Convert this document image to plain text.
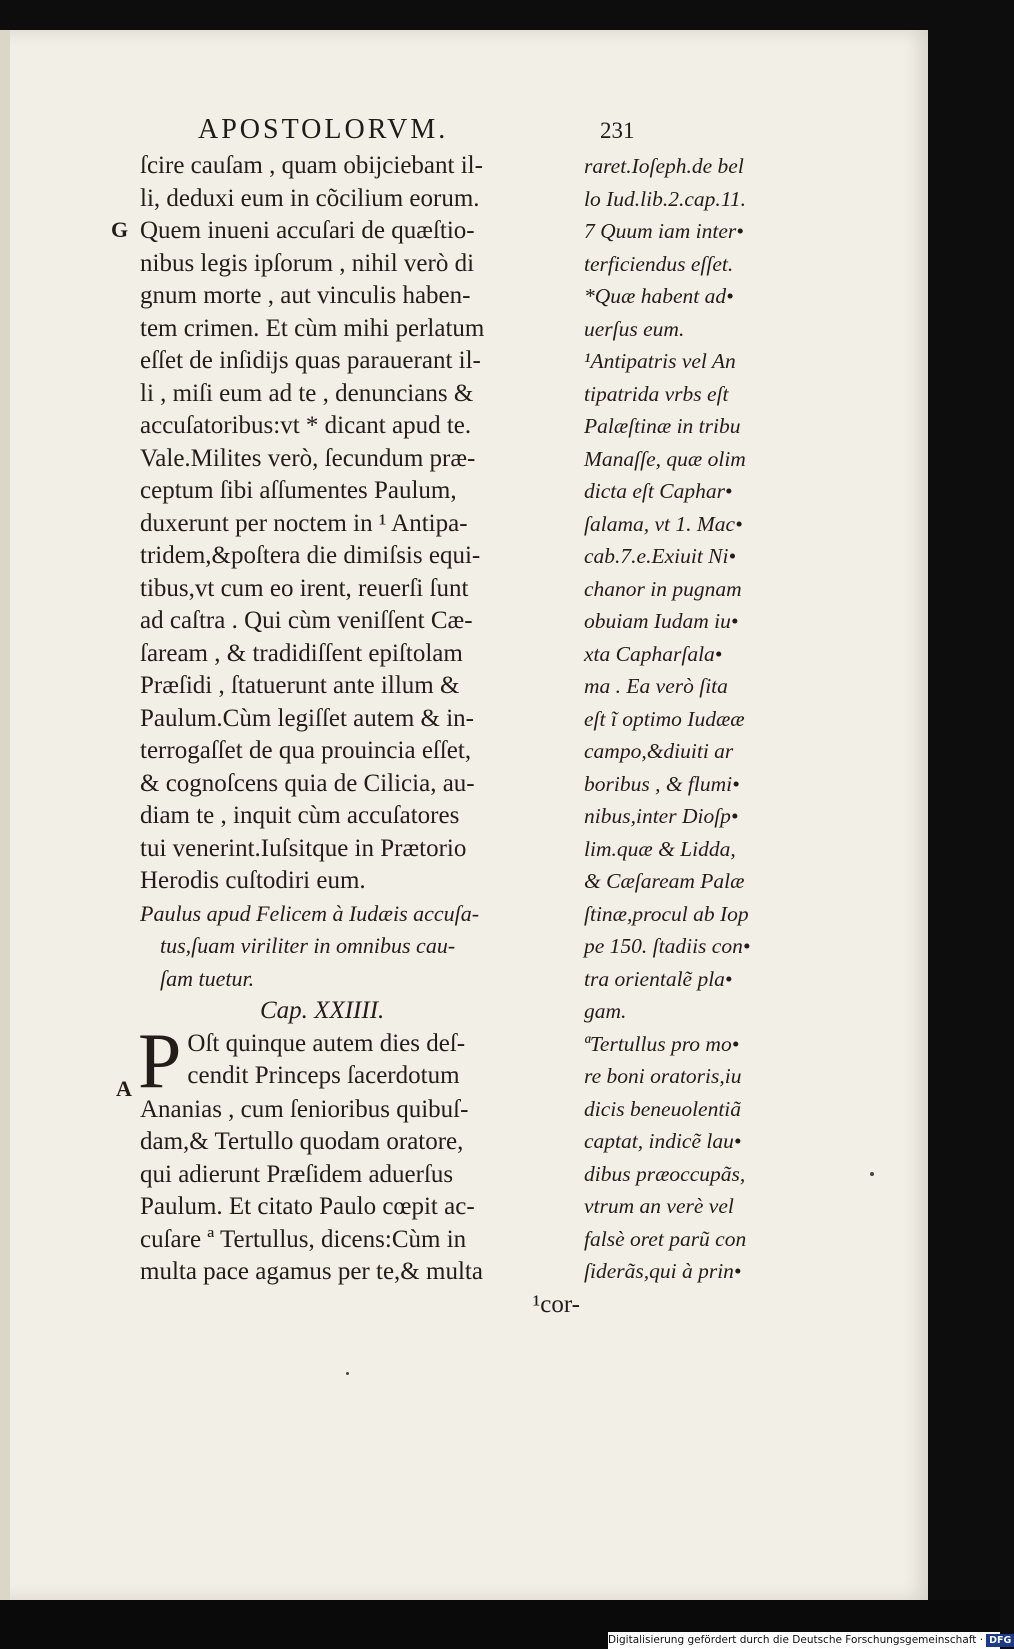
APOSTOLORVM.	231
G
A
ſcire cauſam , quam obijciebant il-
li, deduxi eum in cõcilium eorum.
Quem inueni accuſari de quæſtio-
nibus legis ipſorum , nihil verò di
gnum morte , aut vinculis haben-
tem crimen. Et cùm mihi perlatum
eſſet de inſidijs quas parauerant il-
li , miſi eum ad te , denuncians &
accuſatoribus:vt * dicant apud te.
Vale.Milites verò, ſecundum præ-
ceptum ſibi aſſumentes Paulum,
duxerunt per noctem in ¹ Antipa-
tridem,&poſtera die dimiſsis equi-
tibus,vt cum eo irent, reuerſi ſunt
ad caſtra . Qui cùm veniſſent Cæ-
ſaream , & tradidiſſent epiſtolam
Præſidi , ſtatuerunt ante illum &
Paulum.Cùm legiſſet autem & in-
terrogaſſet de qua prouincia eſſet,
& cognoſcens quia de Cilicia, au-
diam te , inquit cùm accuſatores
tui venerint.Iuſsitque in Prætorio
Herodis cuſtodiri eum.
Paulus apud Felicem à Iudæis accuſa-
tus,ſuam viriliter in omnibus cau-
ſam tuetur.
Cap. XXIIII.
P Oſt quinque autem dies deſ-
cendit Princeps ſacerdotum
Ananias , cum ſenioribus quibuſ-
dam,& Tertullo quodam oratore,
qui adierunt Præſidem aduerſus
Paulum. Et citato Paulo cœpit ac-
cuſare ª Tertullus, dicens:Cùm in
multa pace agamus per te,& multa
¹cor-
raret.Ioſeph.de bel
lo Iud.lib.2.cap.11.
7 Quum iam inter•
terficiendus eſſet.
*Quæ habent ad•
uerſus eum.
¹Antipatris vel An
tipatrida vrbs eſt
Palæſtinæ in tribu
Manaſſe, quæ olim
dicta eſt Caphar•
ſalama, vt 1. Mac•
cab.7.e.Exiuit Ni•
chanor in pugnam
obuiam Iudam iu•
xta Capharſala•
ma . Ea verò ſita
eſt ĩ optimo Iudææ
campo,&diuiti ar
boribus , & flumi•
nibus,inter Dioſp•
lim.quæ & Lidda,
& Cæſaream Palæ
ſtinæ,procul ab Iop
pe 150. ſtadiis con•
tra orientalẽ pla•
gam.
ªTertullus pro mo•
re boni oratoris,iu
dicis beneuolentiã
captat, indicẽ lau•
dibus præoccupãs,
vtrum an verè vel
falsè oret parũ con
ſiderãs,qui à prin•
Digitalisierung gefördert durch die Deutsche Forschungsgemeinschaft · DFG
